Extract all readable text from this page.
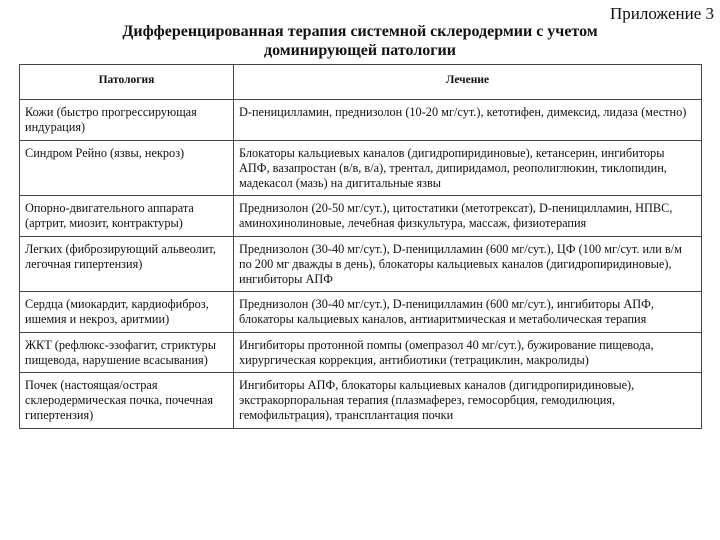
Приложение 3
Дифференцированная терапия системной склеродермии с учетом
доминирующей патологии
Патология	Лечение
Кожи (быстро прогрессирующая индурация)	D-пеницилламин, преднизолон (10-20 мг/сут.), кетотифен, димексид, лидаза (местно)
Синдром Рейно (язвы, некроз)	Блокаторы кальциевых каналов (дигидропиридиновые), кетансерин, ингибиторы АПФ, вазапростан (в/в, в/а), трентал, дипиридамол, реополиглюкин, тиклопидин, мадекасол (мазь) на дигитальные язвы
Опорно-двигательного аппарата (артрит, миозит, контрактуры)	Преднизолон (20-50 мг/сут.), цитостатики (метотрексат), D-пеницилламин, НПВС, аминохинолиновые, лечебная физкультура, массаж, физиотерапия
Легких (фиброзирующий альвеолит, легочная гипертензия)	Преднизолон (30-40 мг/сут.), D-пеницилламин (600 мг/сут.), ЦФ (100 мг/сут. или в/м по 200 мг дважды в день), блокаторы кальциевых каналов (дигидропиридиновые), ингибиторы АПФ
Сердца (миокардит, кардиофиброз, ишемия и некроз, аритмии)	Преднизолон (30-40 мг/сут.), D-пеницилламин (600 мг/сут.), ингибиторы АПФ, блокаторы кальциевых каналов, антиаритмическая и метаболическая терапия
ЖКТ (рефлюкс-эзофагит, стриктуры пищевода, нарушение всасывания)	Ингибиторы протонной помпы (омепразол 40 мг/сут.), бужирование пищевода, хирургическая коррекция, антибиотики (тетрациклин, макролиды)
Почек (настоящая/острая склеродермическая почка, почечная гипертензия)	Ингибиторы АПФ, блокаторы кальциевых каналов (дигидропиридиновые), экстракорпоральная терапия (плазмаферез, гемосорбция, гемодилюция, гемофильтрация), трансплантация почки
